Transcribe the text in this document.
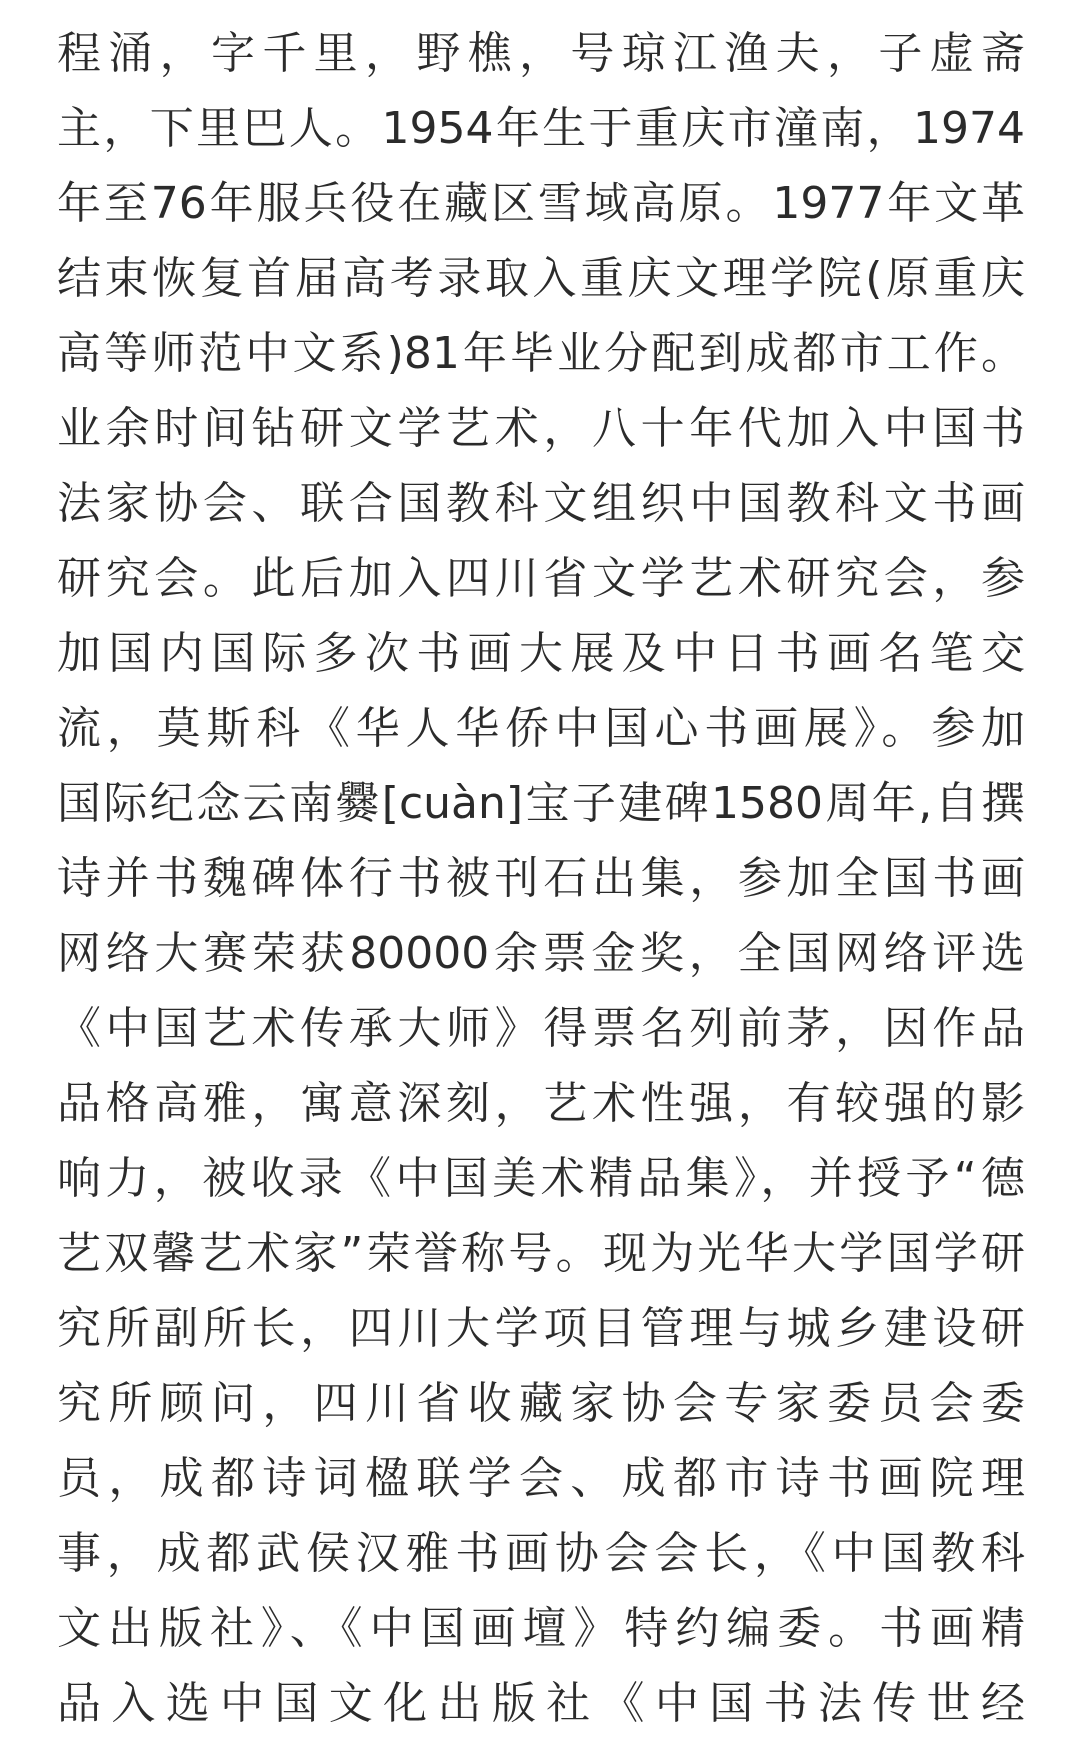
程涌，字千里，野樵，号琼江渔夫，子虚斋
主，下里巴人。1954年生于重庆市潼南，1974
年至76年服兵役在藏区雪域高原。1977年文革
结束恢复首届高考录取入重庆文理学院(原重庆
高等师范中文系)81年毕业分配到成都市工作。
业余时间钻研文学艺术，八十年代加入中国书
法家协会、联合国教科文组织中国教科文书画
研究会。此后加入四川省文学艺术研究会，参
加国内国际多次书画大展及中日书画名笔交
流，莫斯科《华人华侨中国心书画展》。参加
国际纪念云南爨[cuàn]宝子建碑1580周年,自撰
诗并书魏碑体行书被刊石出集，参加全国书画
网络大赛荣获80000余票金奖，全国网络评选
《中国艺术传承大师》得票名列前茅，因作品
品格高雅，寓意深刻，艺术性强，有较强的影
响力，被收录《中国美术精品集》，并授予“德
艺双馨艺术家”荣誉称号。现为光华大学国学研
究所副所长，四川大学项目管理与城乡建设研
究所顾问，四川省收藏家协会专家委员会委
员，成都诗词楹联学会、成都市诗书画院理
事，成都武侯汉雅书画协会会长，《中国教科
文出版社》、《中国画壇》特约编委。书画精
品入选中国文化出版社《中国书法传世经
